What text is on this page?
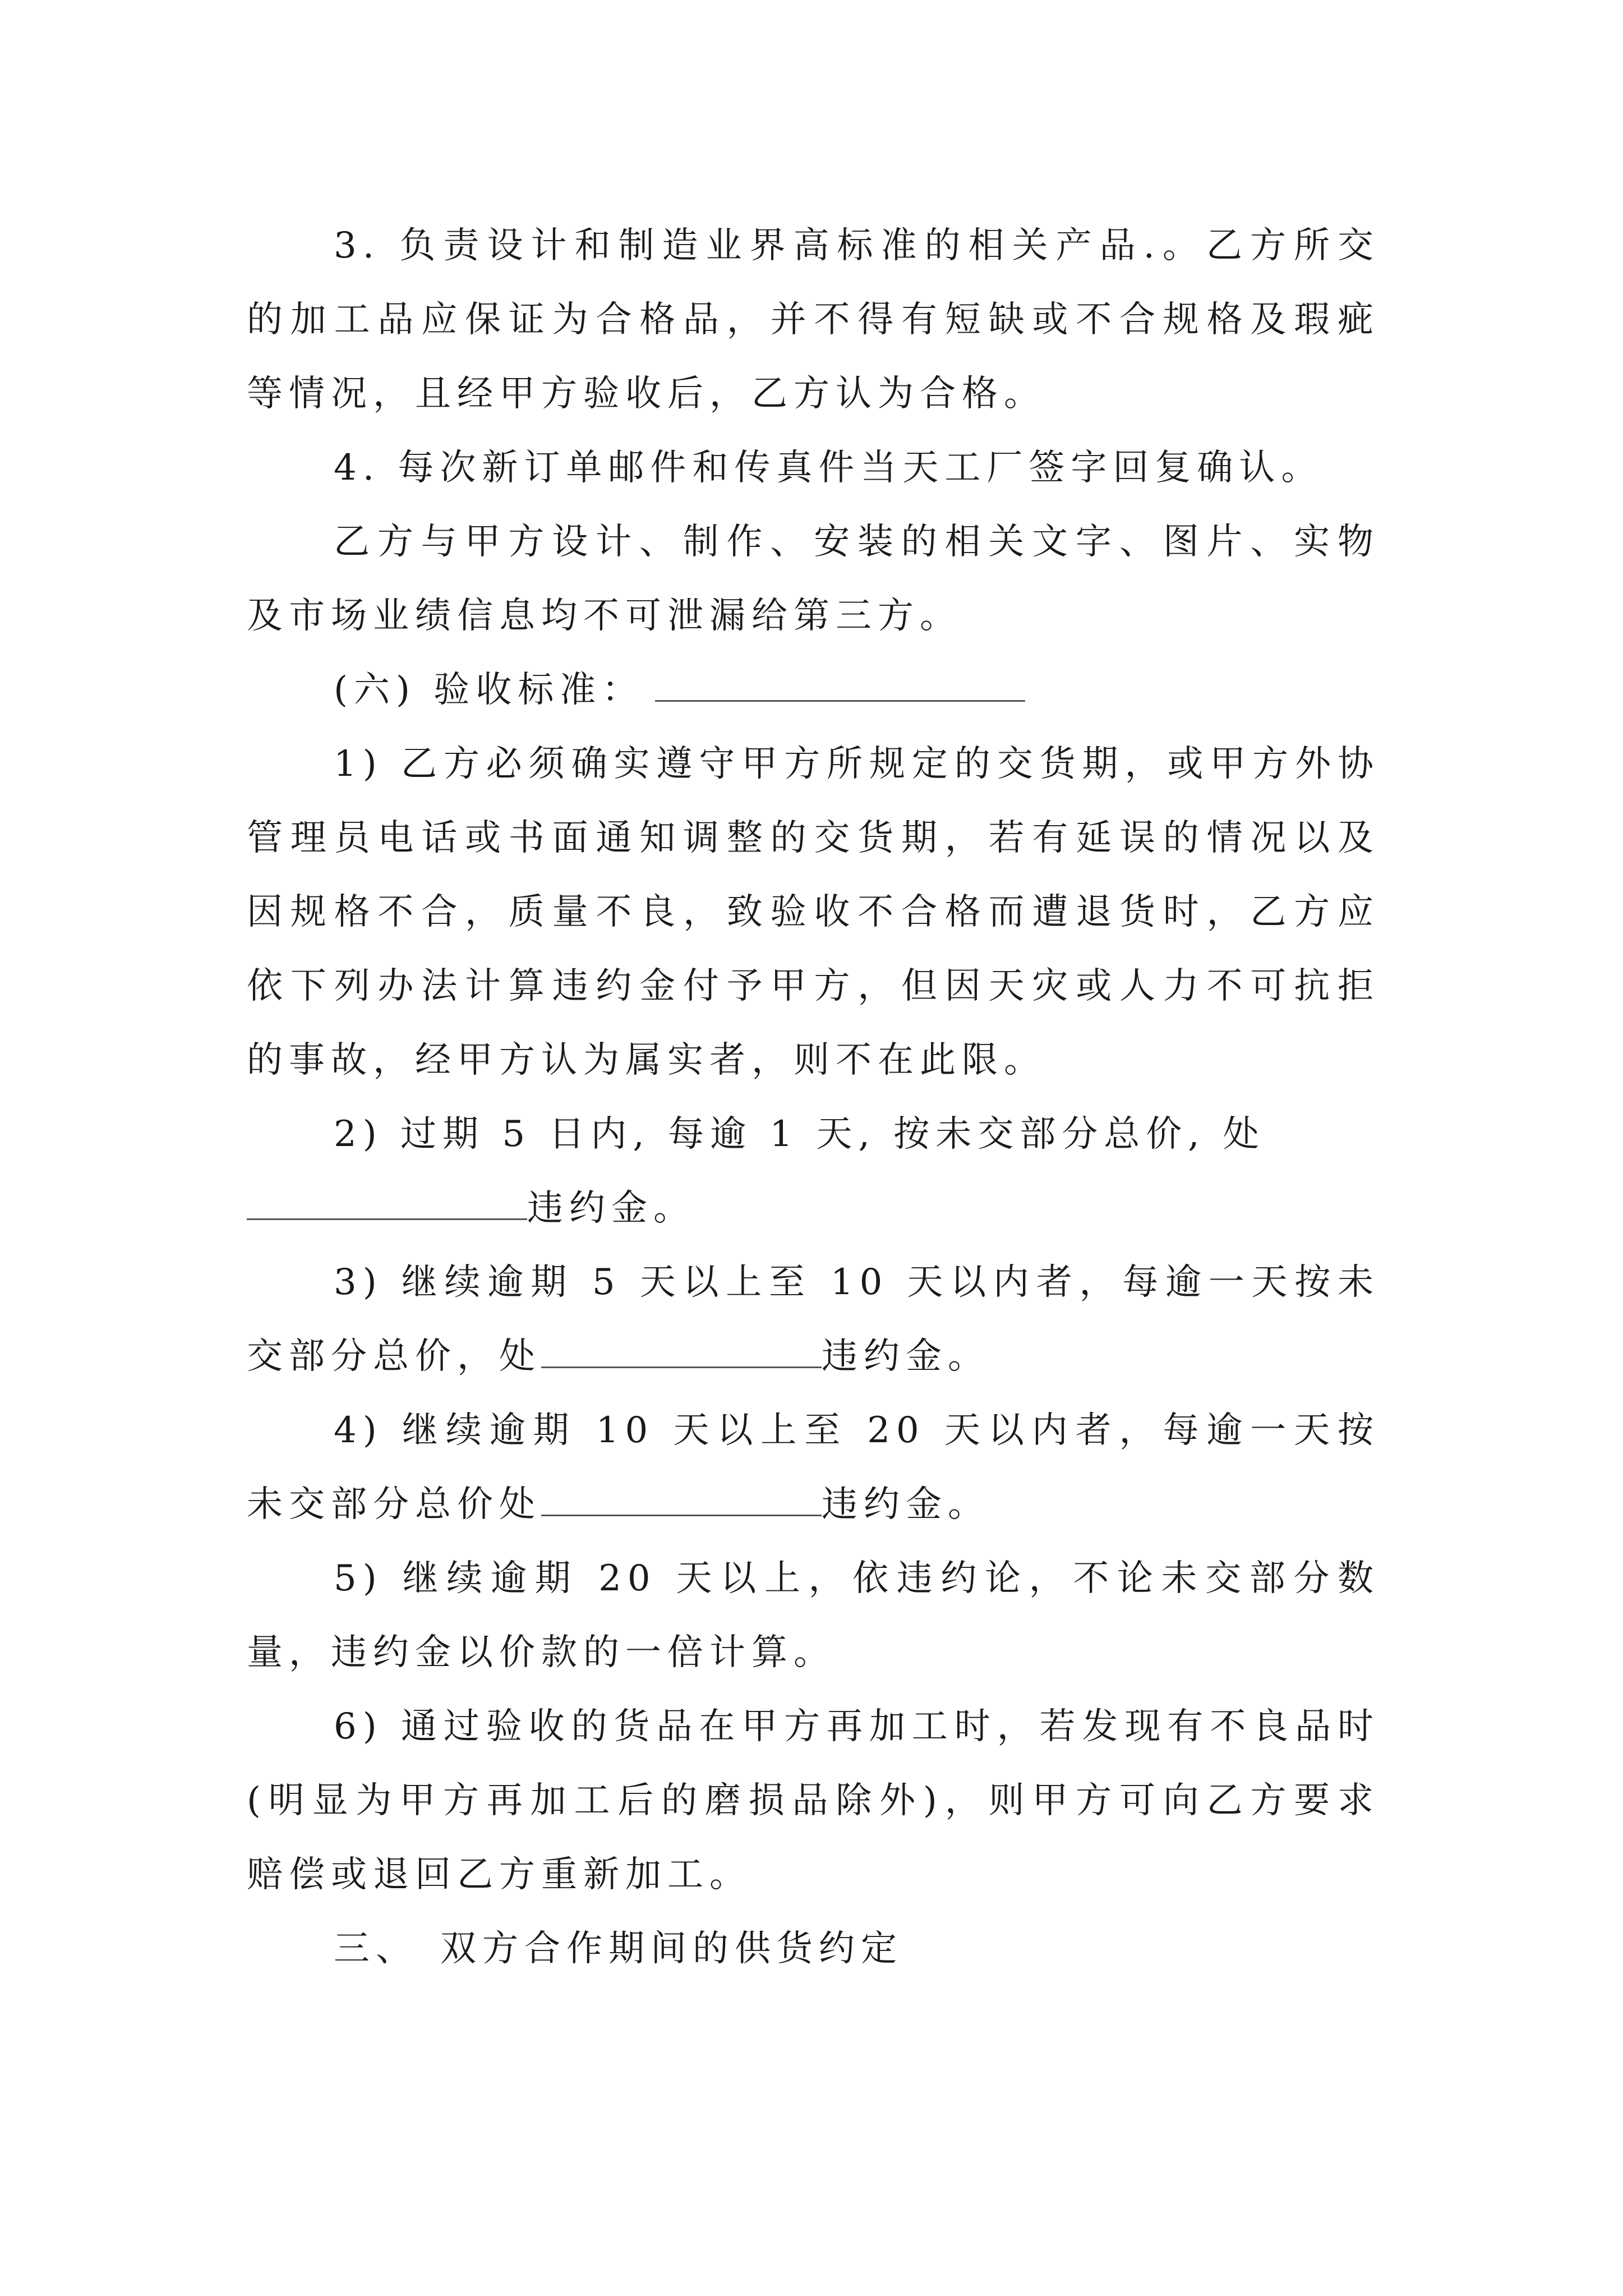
3. 负责设计和制造业界高标准的相关产品.。乙方所交的加工品应保证为合格品，并不得有短缺或不合规格及瑕疵等情况，且经甲方验收后，乙方认为合格。

4. 每次新订单邮件和传真件当天工厂签字回复确认。

乙方与甲方设计、制作、安装的相关文字、图片、实物及市场业绩信息均不可泄漏给第三方。

(六) 验收标准：

1) 乙方必须确实遵守甲方所规定的交货期，或甲方外协管理员电话或书面通知调整的交货期，若有延误的情况以及因规格不合，质量不良，致验收不合格而遭退货时，乙方应依下列办法计算违约金付予甲方，但因天灾或人力不可抗拒的事故，经甲方认为属实者，则不在此限。

2) 过期 5 日内, 每逾 1 天, 按未交部分总价, 处
违约金。

3) 继续逾期 5 天以上至 10 天以内者，每逾一天按未交部分总价，处	违约金。

4) 继续逾期 10 天以上至 20 天以内者，每逾一天按未交部分总价处	违约金。

5) 继续逾期 20 天以上，依违约论，不论未交部分数量，违约金以价款的一倍计算。

6) 通过验收的货品在甲方再加工时，若发现有不良品时(明显为甲方再加工后的磨损品除外)，则甲方可向乙方要求赔偿或退回乙方重新加工。

三、 双方合作期间的供货约定
